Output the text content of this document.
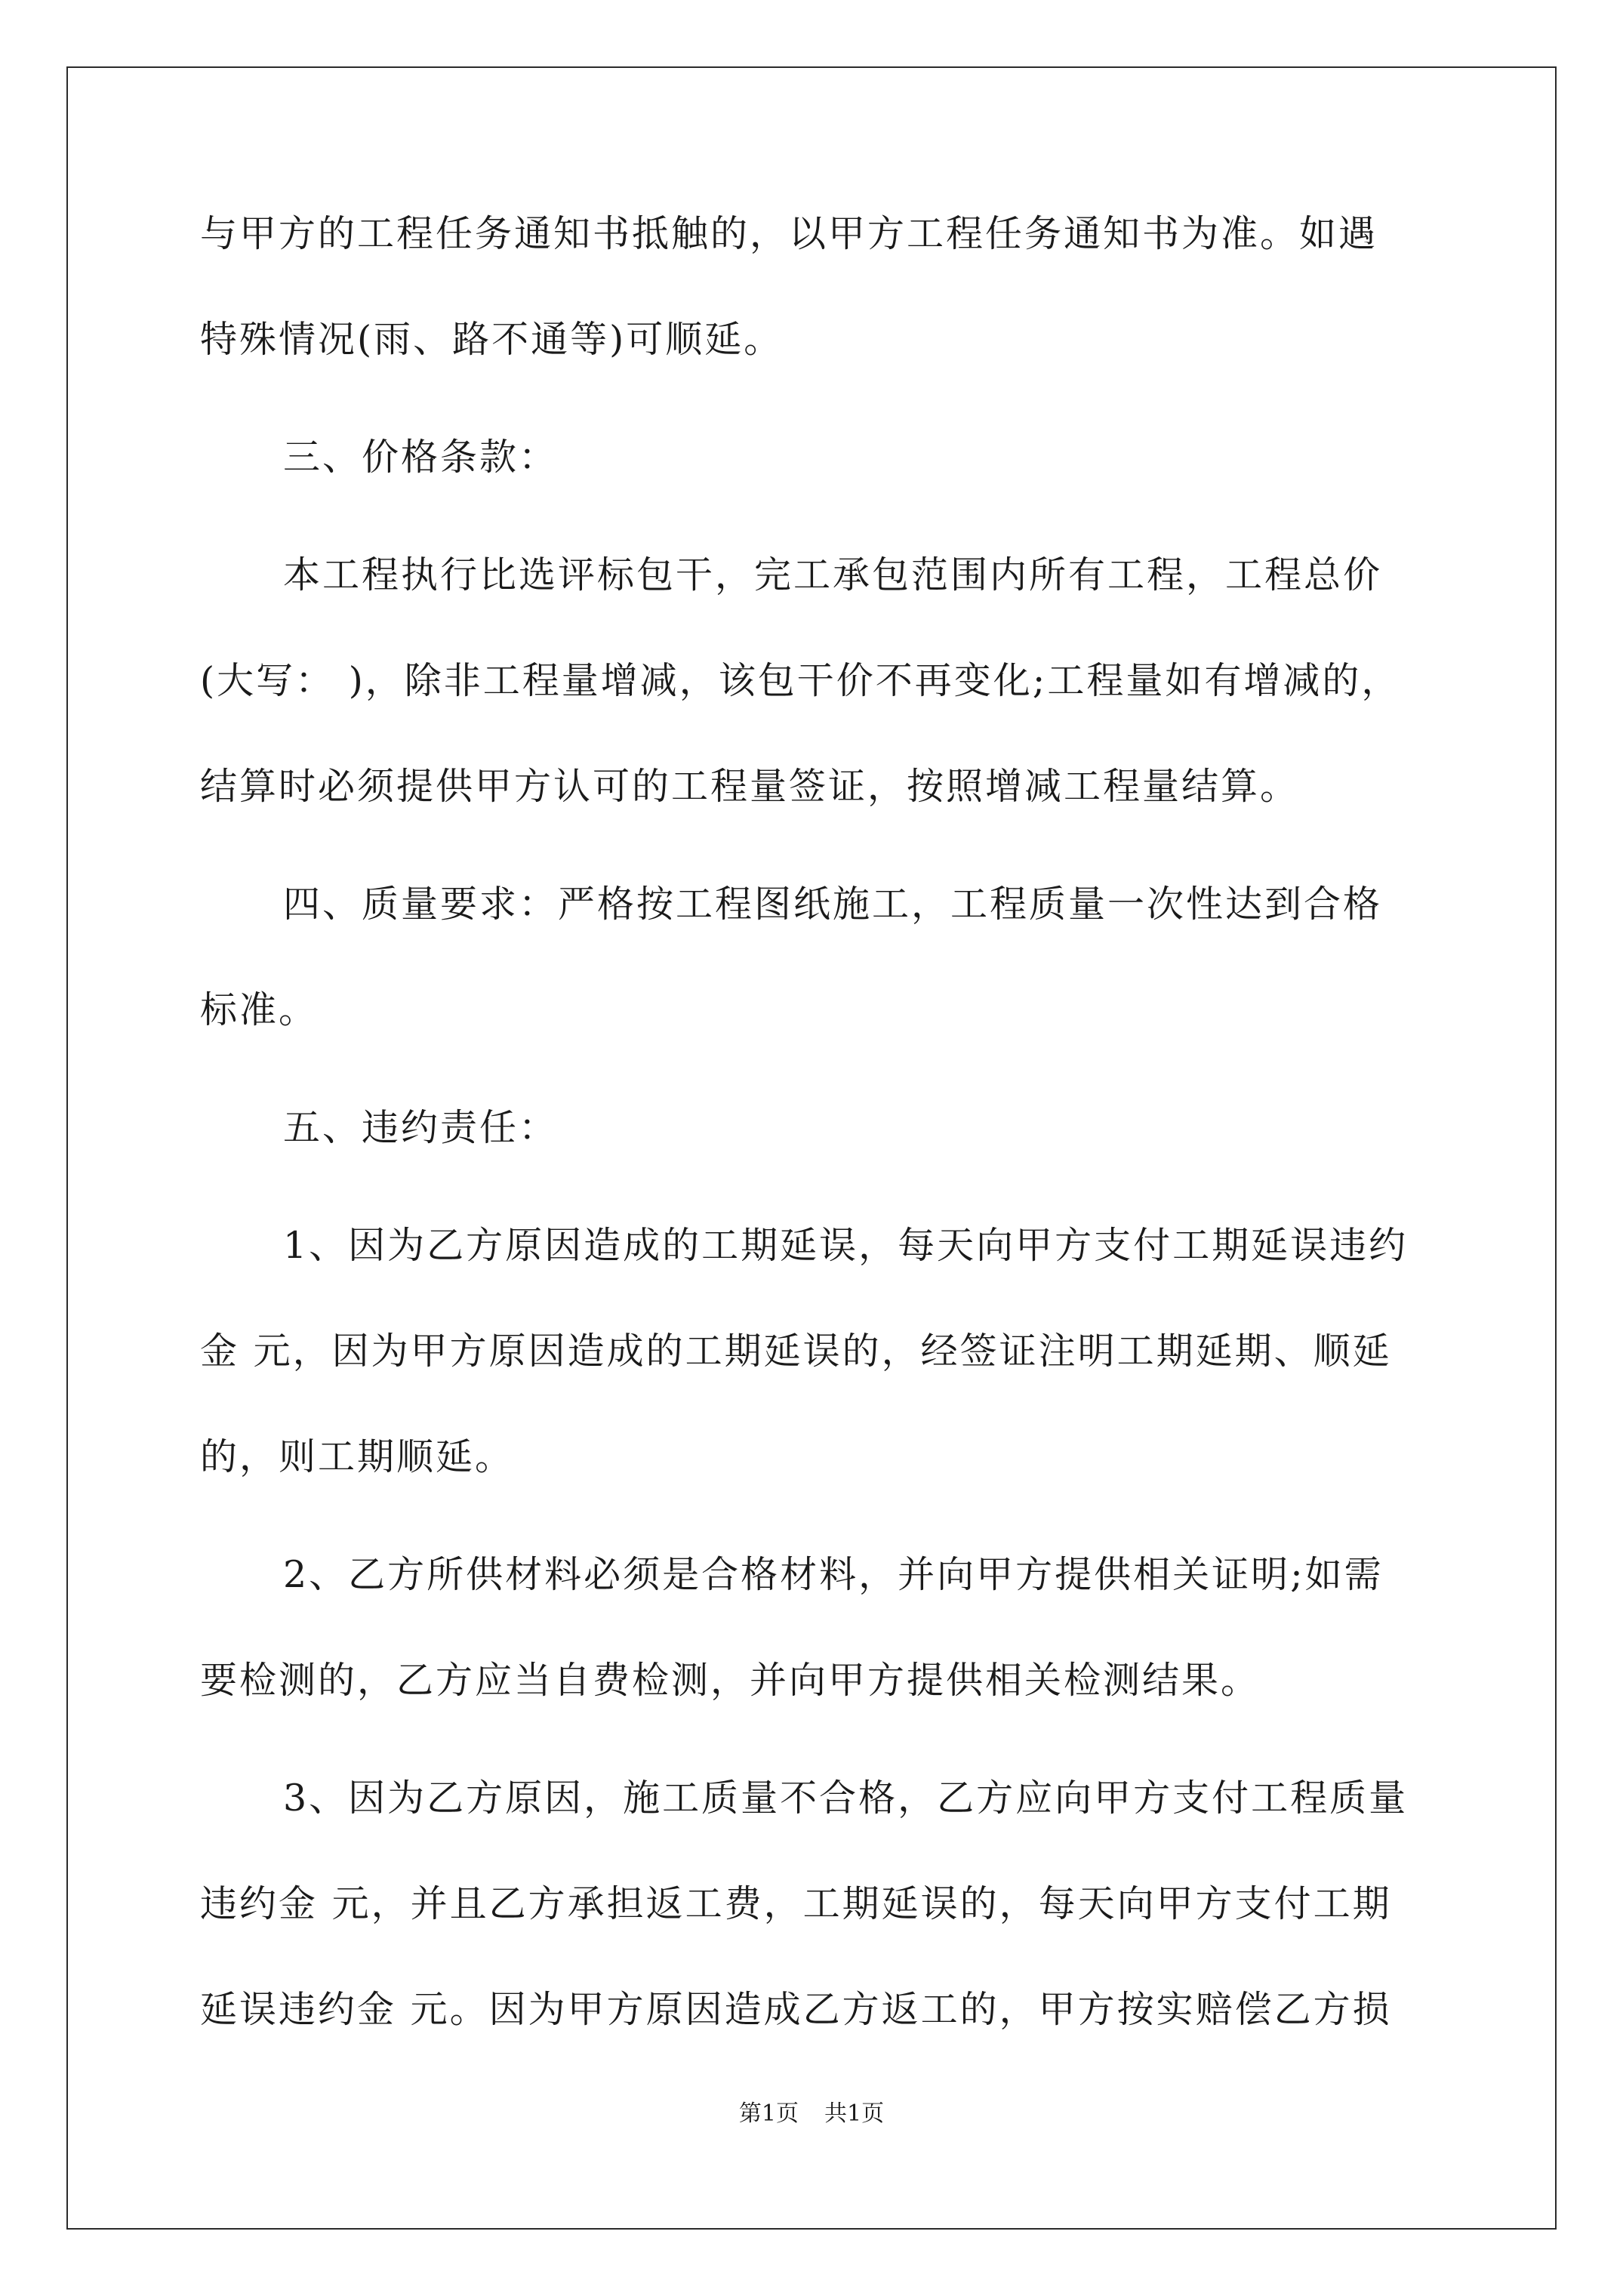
与甲方的工程任务通知书抵触的，以甲方工程任务通知书为准。如遇
特殊情况(雨、路不通等)可顺延。
三、价格条款：
本工程执行比选评标包干，完工承包范围内所有工程，工程总价
(大写： )，除非工程量增减，该包干价不再变化;工程量如有增减的，
结算时必须提供甲方认可的工程量签证，按照增减工程量结算。
四、质量要求：严格按工程图纸施工，工程质量一次性达到合格
标准。
五、违约责任：
1、因为乙方原因造成的工期延误，每天向甲方支付工期延误违约
金 元，因为甲方原因造成的工期延误的，经签证注明工期延期、顺延
的，则工期顺延。
2、乙方所供材料必须是合格材料，并向甲方提供相关证明;如需
要检测的，乙方应当自费检测，并向甲方提供相关检测结果。
3、因为乙方原因，施工质量不合格，乙方应向甲方支付工程质量
违约金 元，并且乙方承担返工费，工期延误的，每天向甲方支付工期
延误违约金 元。因为甲方原因造成乙方返工的，甲方按实赔偿乙方损
第1页 共1页
